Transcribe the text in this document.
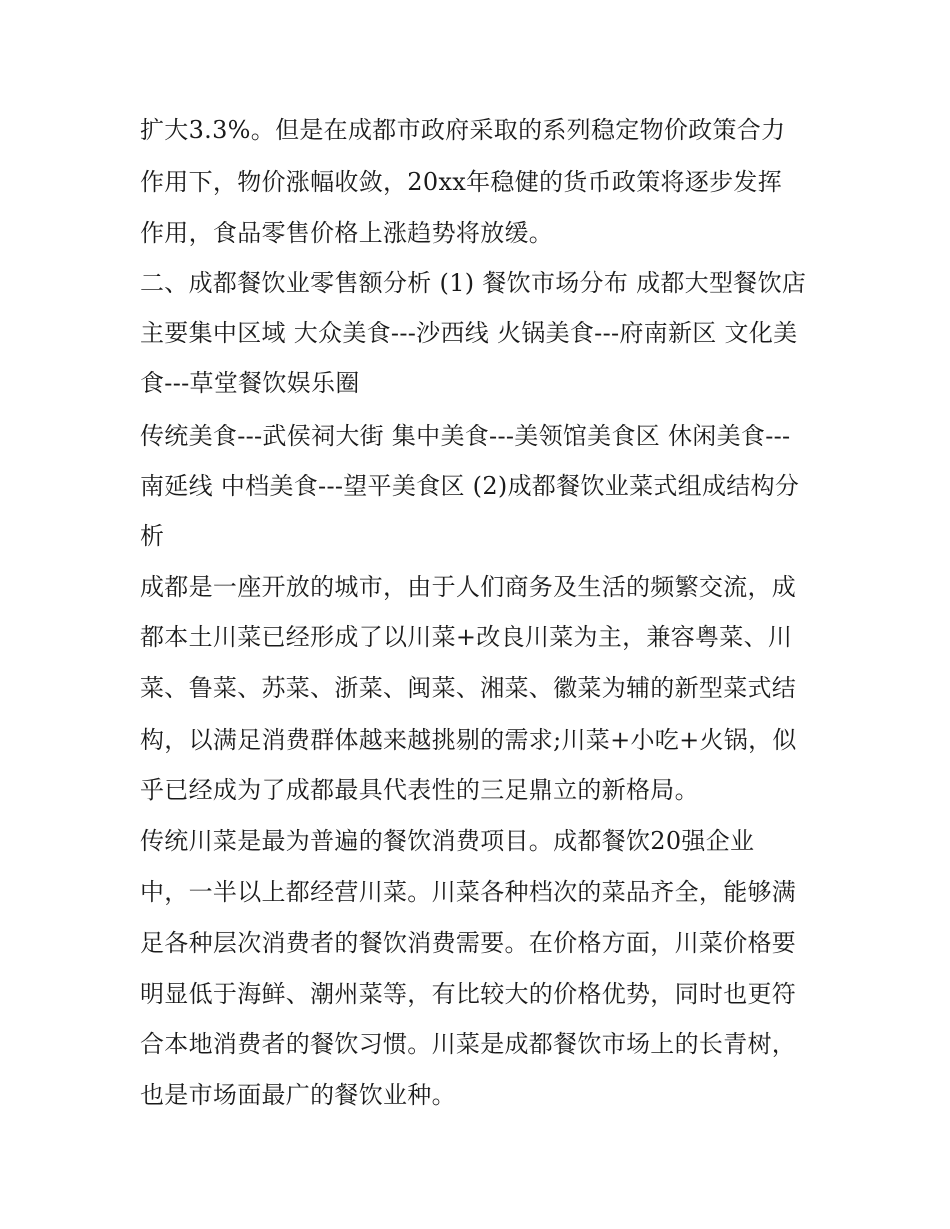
扩大3.3%。但是在成都市政府采取的系列稳定物价政策合力
作用下，物价涨幅收敛，20xx年稳健的货币政策将逐步发挥
作用，食品零售价格上涨趋势将放缓。
二、成都餐饮业零售额分析 (1) 餐饮市场分布 成都大型餐饮店
主要集中区域 大众美食---沙西线 火锅美食---府南新区 文化美
食---草堂餐饮娱乐圈
传统美食---武侯祠大街 集中美食---美领馆美食区 休闲美食---
南延线 中档美食---望平美食区 (2)成都餐饮业菜式组成结构分
析
成都是一座开放的城市，由于人们商务及生活的频繁交流，成
都本土川菜已经形成了以川菜+改良川菜为主，兼容粤菜、川
菜、鲁菜、苏菜、浙菜、闽菜、湘菜、徽菜为辅的新型菜式结
构，以满足消费群体越来越挑剔的需求;川菜+小吃+火锅，似
乎已经成为了成都最具代表性的三足鼎立的新格局。
传统川菜是最为普遍的餐饮消费项目。成都餐饮20强企业
中，一半以上都经营川菜。川菜各种档次的菜品齐全，能够满
足各种层次消费者的餐饮消费需要。在价格方面，川菜价格要
明显低于海鲜、潮州菜等，有比较大的价格优势，同时也更符
合本地消费者的餐饮习惯。川菜是成都餐饮市场上的长青树，
也是市场面最广的餐饮业种。
